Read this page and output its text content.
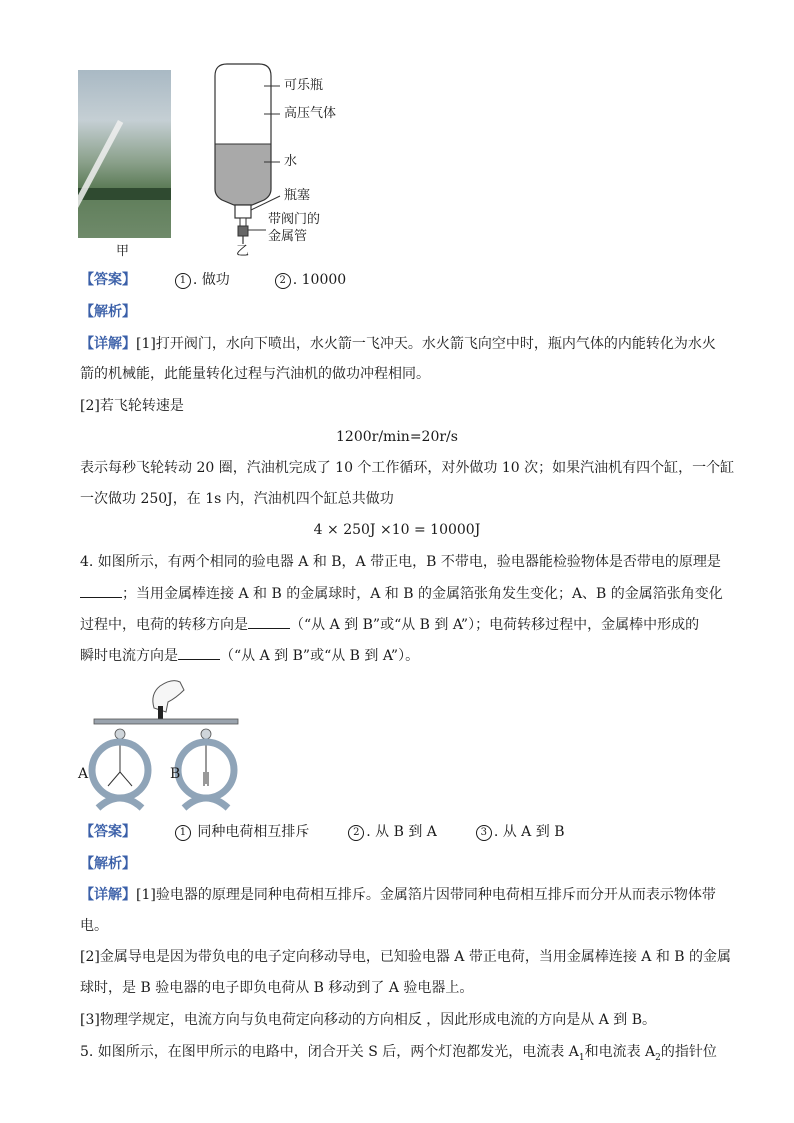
甲
可乐瓶
高压气体
水
瓶塞
带阀门的
金属管
乙
【答案】	1 . 做功	2 . 10000
【解析】
【详解】[1]打开阀门，水向下喷出，水火箭一飞冲天。水火箭飞向空中时，瓶内气体的内能转化为水火
箭的机械能，此能量转化过程与汽油机的做功冲程相同。
[2]若飞轮转速是
1200r/min=20r/s
表示每秒飞轮转动 20 圈，汽油机完成了 10 个工作循环，对外做功 10 次；如果汽油机有四个缸，一个缸
一次做功 250J，在 1s 内，汽油机四个缸总共做功
4 × 250J ×10 = 10000J
4. 如图所示，有两个相同的验电器 A 和 B，A 带正电，B 不带电，验电器能检验物体是否带电的原理是
；当用金属棒连接 A 和 B 的金属球时，A 和 B 的金属箔张角发生变化；A、B 的金属箔张角变化
过程中，电荷的转移方向是	（“从 A 到 B”或“从 B 到 A”）；电荷转移过程中，金属棒中形成的
瞬时电流方向是	（“从 A 到 B”或“从 B 到 A”）。
A	B
【答案】	1 同种电荷相互排斥	2 . 从 B 到 A	3 . 从 A 到 B
【解析】
【详解】[1]验电器的原理是同种电荷相互排斥。金属箔片因带同种电荷相互排斥而分开从而表示物体带
电。
[2]金属导电是因为带负电的电子定向移动导电，已知验电器 A 带正电荷，当用金属棒连接 A 和 B 的金属
球时，是 B 验电器的电子即负电荷从 B 移动到了 A 验电器上。
[3]物理学规定，电流方向与负电荷定向移动的方向相反 ，因此形成电流的方向是从 A 到 B。
5. 如图所示，在图甲所示的电路中，闭合开关 S 后，两个灯泡都发光，电流表 $A_1$和电流表 $A_2$的指针位
